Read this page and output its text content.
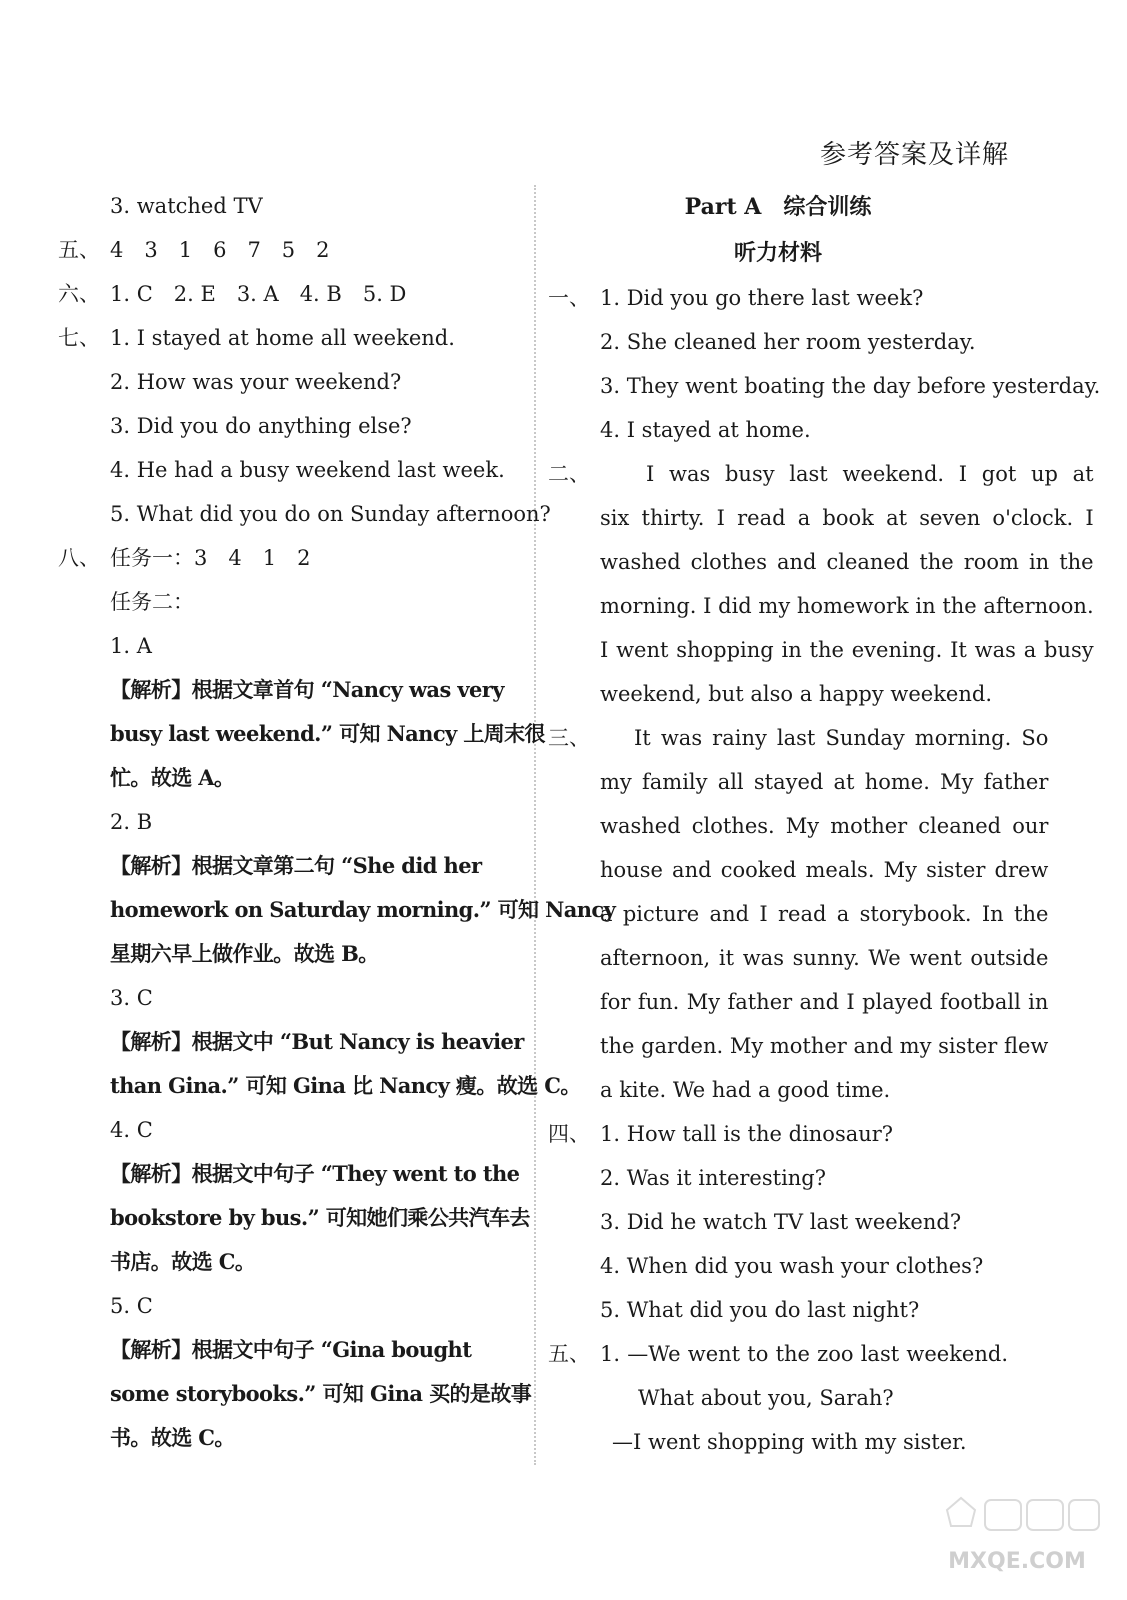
参考答案及详解
3. watched TV
五、 4　3　1　6　7　5　2
六、 1. C　2. E　3. A　4. B　5. D
七、 1. I stayed at home all weekend.
2. How was your weekend?
3. Did you do anything else?
4. He had a busy weekend last week.
5. What did you do on Sunday afternoon?
八、 任务一：3　4　1　2
任务二：
1. A
【解析】根据文章首句 “Nancy was very
busy last weekend.” 可知 Nancy 上周末很
忙。故选 A。
2. B
【解析】根据文章第二句 “She did her
homework on Saturday morning.” 可知 Nancy
星期六早上做作业。故选 B。
3. C
【解析】根据文中 “But Nancy is heavier
than Gina.” 可知 Gina 比 Nancy 瘦。故选 C。
4. C
【解析】根据文中句子 “They went to the
bookstore by bus.” 可知她们乘公共汽车去
书店。故选 C。
5. C
【解析】根据文中句子 “Gina bought
some storybooks.” 可知 Gina 买的是故事
书。故选 C。
Part A　综合训练
听力材料
一、 1. Did you go there last week?
2. She cleaned her room yesterday.
3. They went boating the day before yesterday.
4. I stayed at home.
二、	I was busy last weekend. I got up at
six thirty. I read a book at seven o'clock. I
washed clothes and cleaned the room in the
morning. I did my homework in the afternoon.
I went shopping in the evening. It was a busy
weekend, but also a happy weekend.
三、	It was rainy last Sunday morning. So
my family all stayed at home. My father
washed clothes. My mother cleaned our
house and cooked meals. My sister drew
a picture and I read a storybook. In the
afternoon, it was sunny. We went outside
for fun. My father and I played football in
the garden. My mother and my sister flew
a kite. We had a good time.
四、 1. How tall is the dinosaur?
2. Was it interesting?
3. Did he watch TV last weekend?
4. When did you wash your clothes?
5. What did you do last night?
五、 1. —We went to the zoo last weekend.
What about you, Sarah?
—I went shopping with my sister.
MXQE.COM
